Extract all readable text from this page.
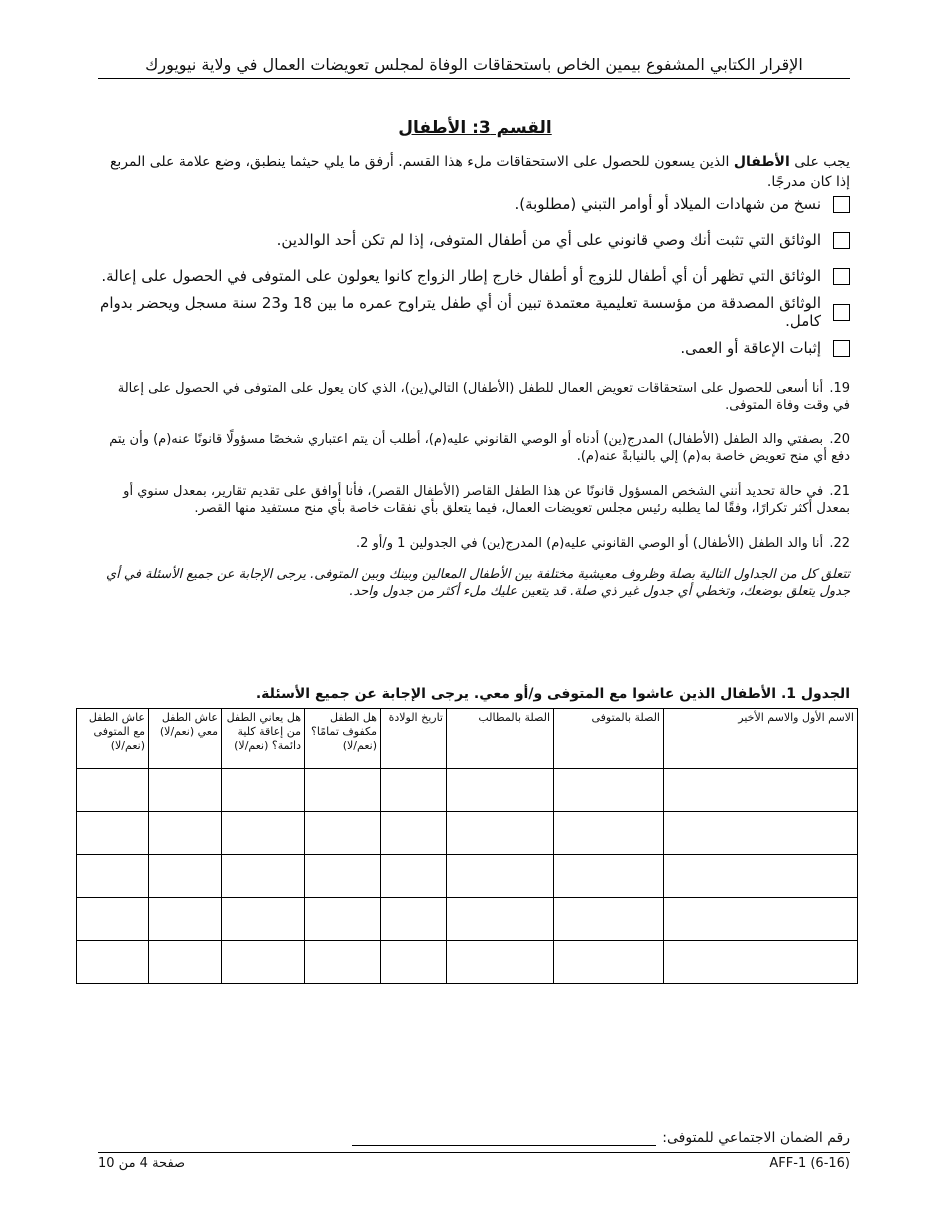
الإقرار الكتابي المشفوع بيمين الخاص باستحقاقات الوفاة لمجلس تعويضات العمال في ولاية نيويورك
القسم 3: الأطفال
يجب على الأطفال الذين يسعون للحصول على الاستحقاقات ملء هذا القسم. أرفق ما يلي حيثما ينطبق، وضع علامة على المربع إذا كان مدرجًا.
نسخ من شهادات الميلاد أو أوامر التبني (مطلوبة).
الوثائق التي تثبت أنك وصي قانوني على أي من أطفال المتوفى، إذا لم تكن أحد الوالدين.
الوثائق التي تظهر أن أي أطفال للزوج أو أطفال خارج إطار الزواج كانوا يعولون على المتوفى في الحصول على إعالة.
الوثائق المصدقة من مؤسسة تعليمية معتمدة تبين أن أي طفل يتراوح عمره ما بين 18 و23 سنة مسجل ويحضر بدوام كامل.
إثبات الإعاقة أو العمى.
19. أنا أسعى للحصول على استحقاقات تعويض العمال للطفل (الأطفال) التالي(ين)، الذي كان يعول على المتوفى في الحصول على إعالة في وقت وفاة المتوفى.
20. بصفتي والد الطفل (الأطفال) المدرج(ين) أدناه أو الوصي القانوني عليه(م)، أطلب أن يتم اعتباري شخصًا مسؤولًا قانونًا عنه(م) وأن يتم دفع أي منح تعويض خاصة به(م) إلي بالنيابةً عنه(م).
21. في حالة تحديد أنني الشخص المسؤول قانونًا عن هذا الطفل القاصر (الأطفال القصر)، فأنا أوافق على تقديم تقارير، بمعدل سنوي أو بمعدل أكثر تكرارًا، وفقًا لما يطلبه رئيس مجلس تعويضات العمال، فيما يتعلق بأي نفقات خاصة بأي منح مستفيد منها القصر.
22. أنا والد الطفل (الأطفال) أو الوصي القانوني عليه(م) المدرج(ين) في الجدولين 1 و/أو 2.
تتعلق كل من الجداول التالية بصلة وظروف معيشية مختلفة بين الأطفال المعالين وبينك وبين المتوفى. يرجى الإجابة عن جميع الأسئلة في أي جدول يتعلق بوضعك، وتخطي أي جدول غير ذي صلة. قد يتعين عليك ملء أكثر من جدول واحد.
الجدول 1. الأطفال الذين عاشوا مع المتوفى و/أو معي. يرجى الإجابة عن جميع الأسئلة.
الاسم الأول والاسم الأخير	الصلة بالمتوفى	الصلة بالمطالب	تاريخ الولادة	هل الطفل مكفوف تمامًا؟ (نعم/لا)	هل يعاني الطفل من إعاقة كلية دائمة؟ (نعم/لا)	عاش الطفل معي (نعم/لا)	عاش الطفل مع المتوفى (نعم/لا)

رقم الضمان الاجتماعي للمتوفى:
AFF-1 (6-16)
صفحة 4 من 10
